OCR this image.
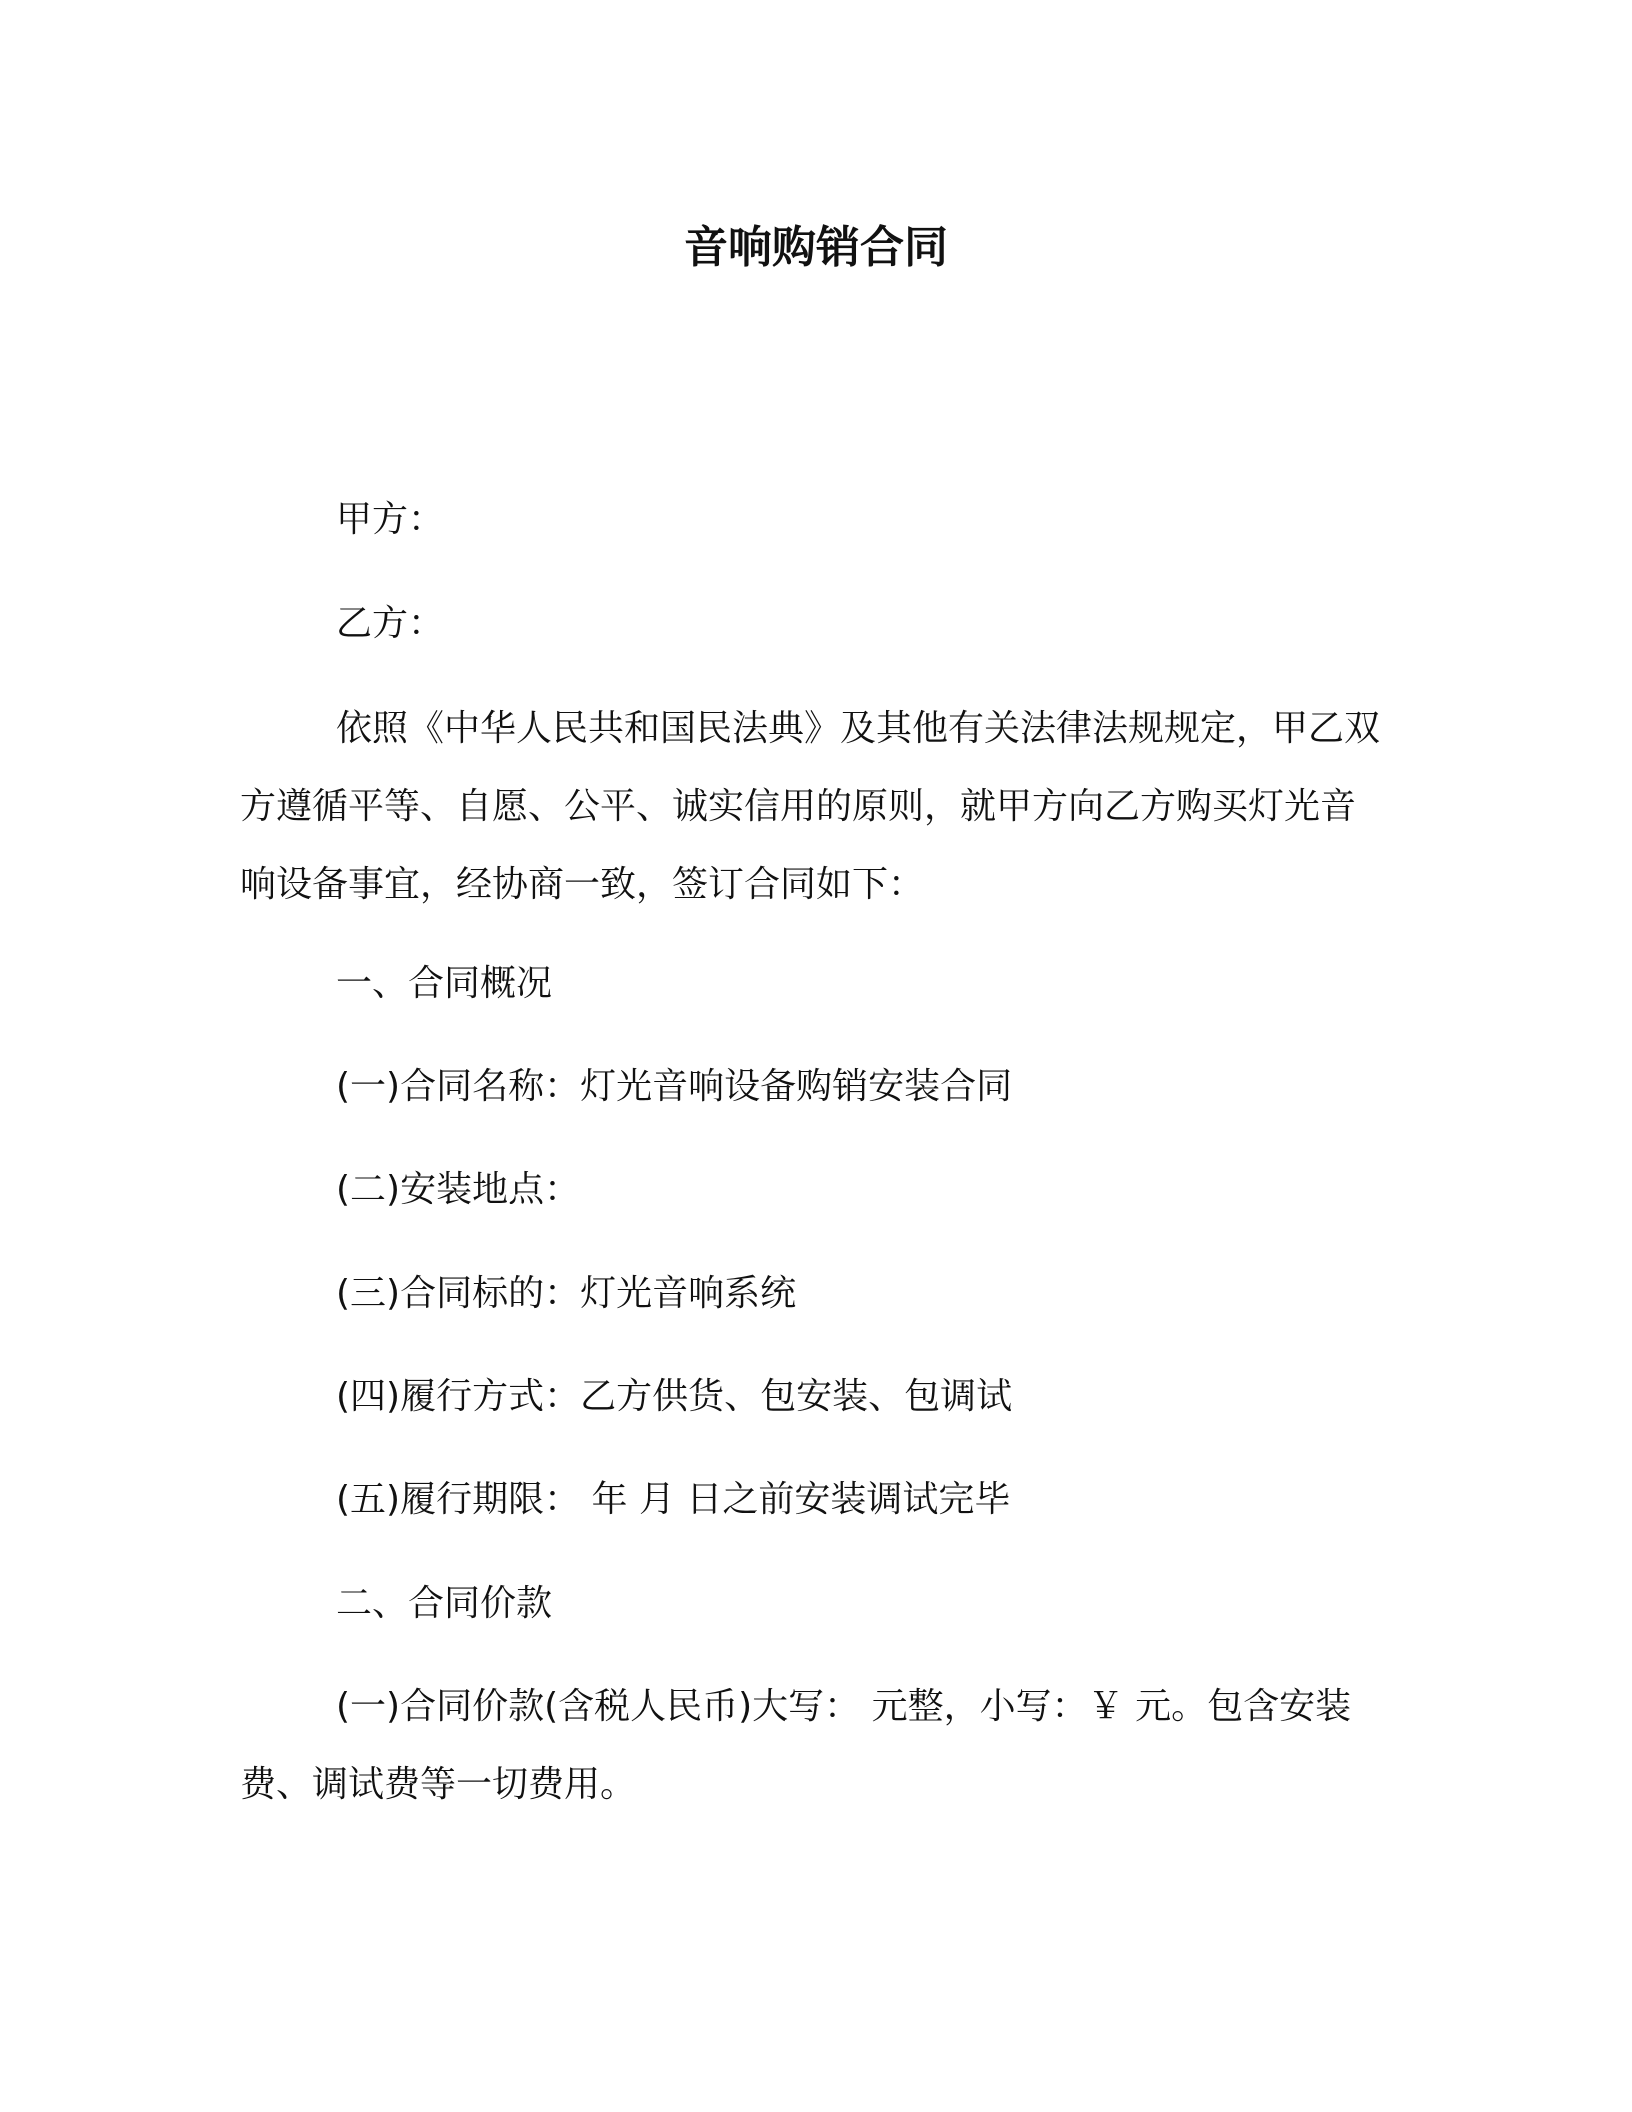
音响购销合同
甲方：
乙方：
依照《中华人民共和国民法典》及其他有关法律法规规定，甲乙双方遵循平等、自愿、公平、诚实信用的原则，就甲方向乙方购买灯光音响设备事宜，经协商一致，签订合同如下：
一、合同概况
(一)合同名称：灯光音响设备购销安装合同
(二)安装地点：
(三)合同标的：灯光音响系统
(四)履行方式：乙方供货、包安装、包调试
(五)履行期限： 年 月 日之前安装调试完毕
二、合同价款
(一)合同价款(含税人民币)大写： 元整，小写：￥ 元。包含安装费、调试费等一切费用。
